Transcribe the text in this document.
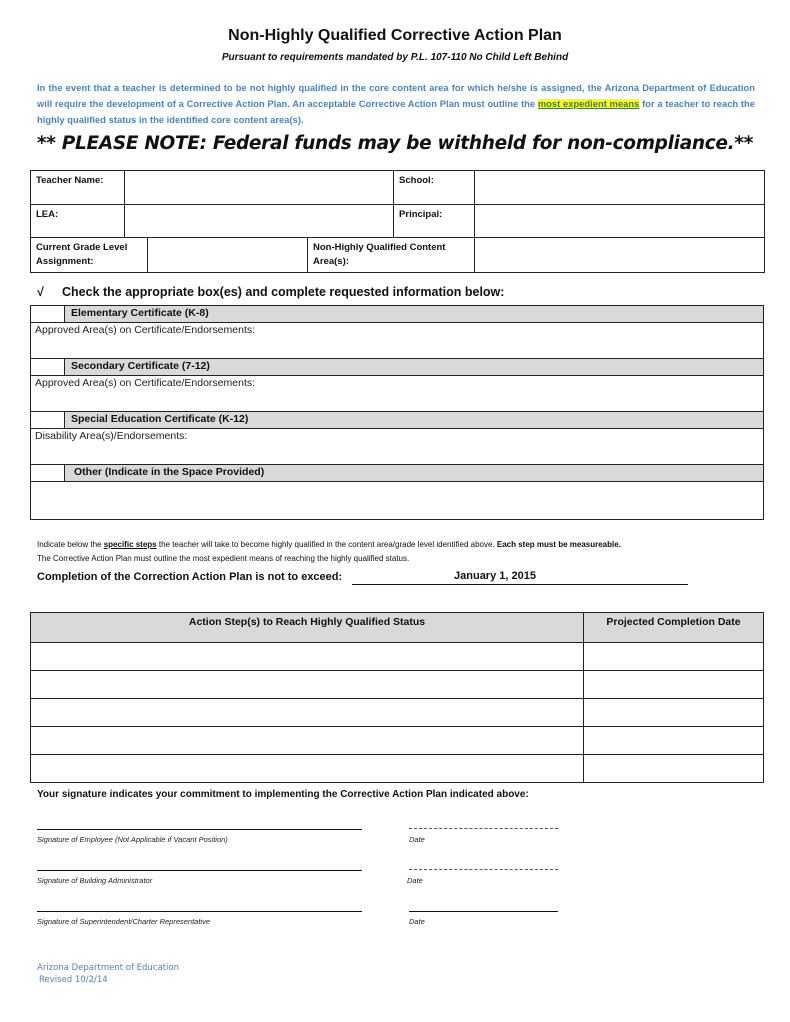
Non-Highly Qualified Corrective Action Plan
Pursuant to requirements mandated by P.L. 107-110 No Child Left Behind
In the event that a teacher is determined to be not highly qualified in the core content area for which he/she is assigned, the Arizona Department of Education will require the development of a Corrective Action Plan. An acceptable Corrective Action Plan must outline the most expedient means for a teacher to reach the highly qualified status in the identified core content area(s).
** PLEASE NOTE: Federal funds may be withheld for non-compliance.**
Teacher Name:				School:	
LEA:				Principal:	
Current Grade Level Assignment:			Non-Highly Qualified Content Area(s):		
√ Check the appropriate box(es) and complete requested information below:
	Elementary Certificate (K-8)
Approved Area(s) on Certificate/Endorsements:	
	Secondary Certificate (7-12)
Approved Area(s) on Certificate/Endorsements:	
	Special Education Certificate (K-12)
Disability Area(s)/Endorsements:	
	Other (Indicate in the Space Provided)

Indicate below the specific steps the teacher will take to become highly qualified in the content area/grade level identified above. Each step must be measureable.
The Corrective Action Plan must outline the most expedient means of reaching the highly qualified status.
Completion of the Correction Action Plan is not to exceed:	January 1, 2015
Action Step(s) to Reach Highly Qualified Status	Projected Completion Date

Your signature indicates your commitment to implementing the Corrective Action Plan indicated above:
Signature of Employee (Not Applicable if Vacant Position)	Date
Signature of Building Administrator	Date
Signature of Superintendent/Charter Representative	Date
Arizona Department of Education
Revised 10/2/14
